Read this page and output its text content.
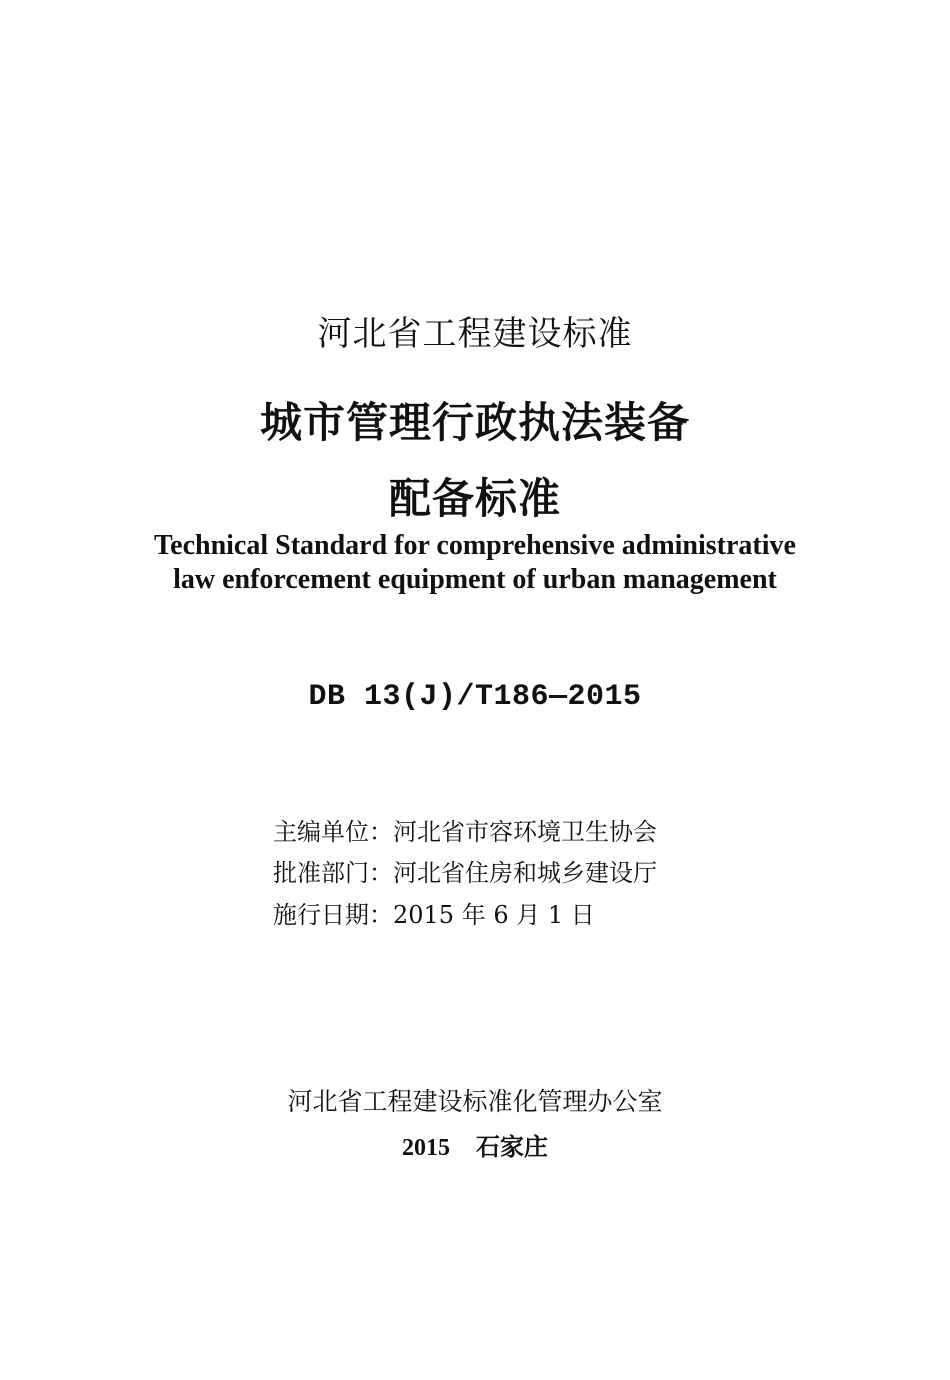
河北省工程建设标准
城市管理行政执法装备
配备标准
Technical Standard for comprehensive administrative
law enforcement equipment of urban management
DB 13(J)/T186—2015
主编单位：河北省市容环境卫生协会
批准部门：河北省住房和城乡建设厅
施行日期：2015 年 6 月 1 日
河北省工程建设标准化管理办公室
2015 石家庄
